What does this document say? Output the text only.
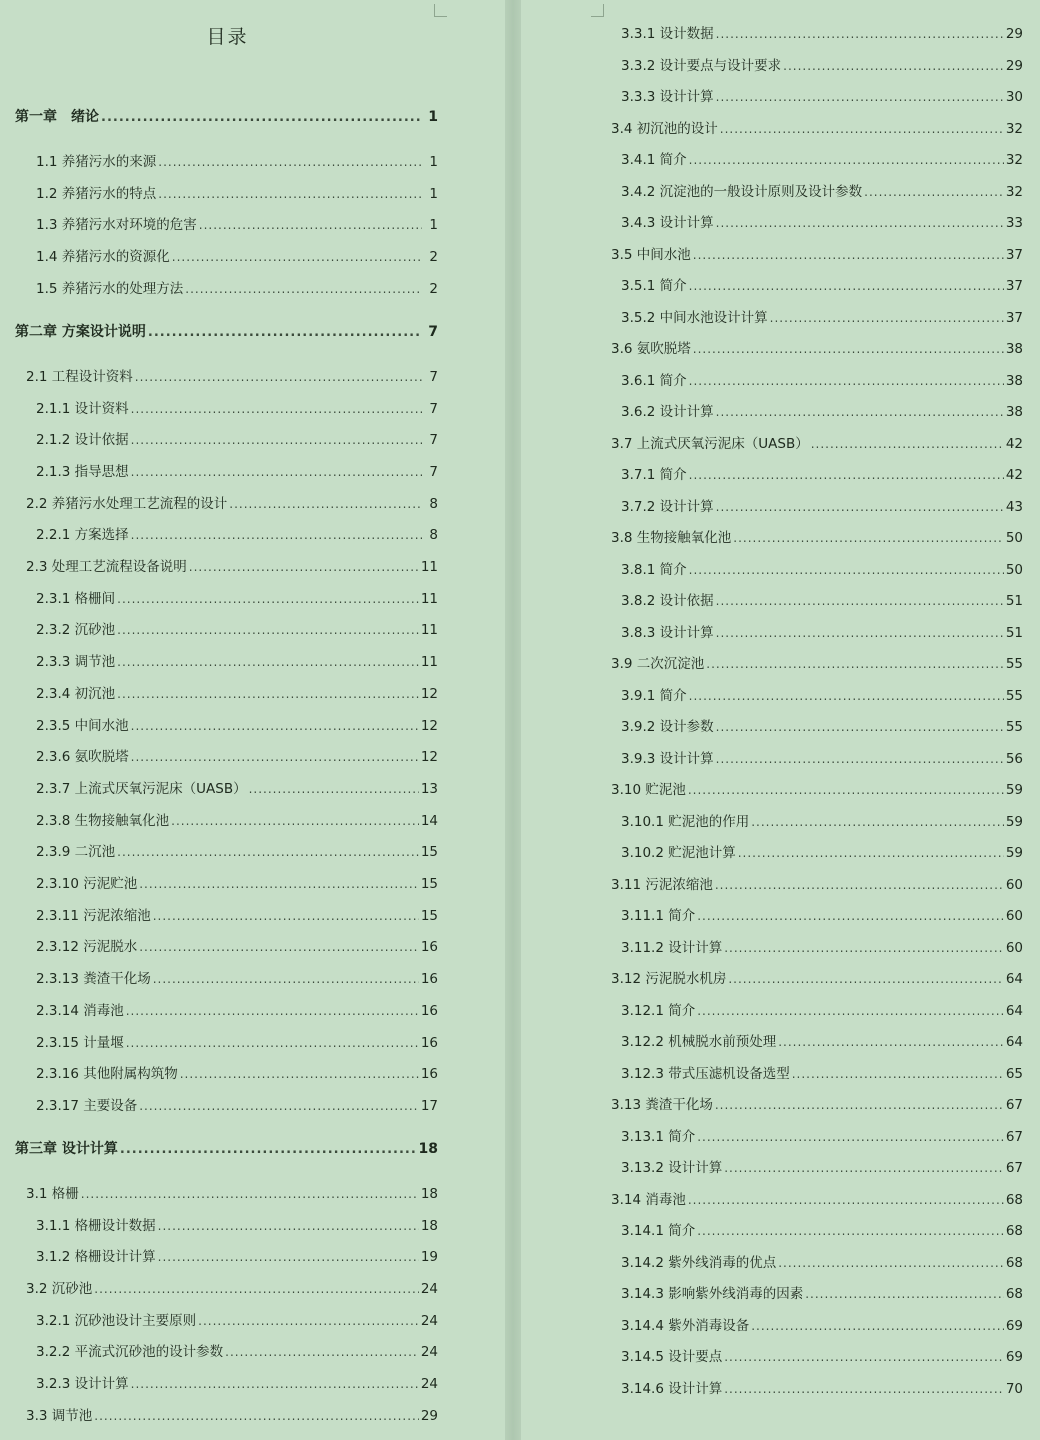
目录
第一章　绪论 .....	1
1.1 养猪污水的来源 .....	1
1.2 养猪污水的特点 .....	1
1.3 养猪污水对环境的危害 .....	1
1.4 养猪污水的资源化 .....	2
1.5 养猪污水的处理方法 .....	2
第二章 方案设计说明 .....	7
2.1 工程设计资料 .....	7
2.1.1 设计资料 .....	7
2.1.2 设计依据 .....	7
2.1.3 指导思想 .....	7
2.2 养猪污水处理工艺流程的设计 .....	8
2.2.1 方案选择 .....	8
2.3 处理工艺流程设备说明 .....	11
2.3.1 格栅间 .....	11
2.3.2 沉砂池 .....	11
2.3.3 调节池 .....	11
2.3.4 初沉池 .....	12
2.3.5 中间水池 .....	12
2.3.6 氨吹脱塔 .....	12
2.3.7 上流式厌氧污泥床（UASB） .....	13
2.3.8 生物接触氧化池 .....	14
2.3.9 二沉池 .....	15
2.3.10 污泥贮池 .....	15
2.3.11 污泥浓缩池 .....	15
2.3.12 污泥脱水 .....	16
2.3.13 粪渣干化场 .....	16
2.3.14 消毒池 .....	16
2.3.15 计量堰 .....	16
2.3.16 其他附属构筑物 .....	16
2.3.17 主要设备 .....	17
第三章 设计计算 .....	18
3.1 格栅 .....	18
3.1.1 格栅设计数据 .....	18
3.1.2 格栅设计计算 .....	19
3.2 沉砂池 .....	24
3.2.1 沉砂池设计主要原则 .....	24
3.2.2 平流式沉砂池的设计参数 .....	24
3.2.3 设计计算 .....	24
3.3 调节池 .....	29
3.3.1 设计数据 .....	29
3.3.2 设计要点与设计要求 .....	29
3.3.3 设计计算 .....	30
3.4 初沉池的设计 .....	32
3.4.1 简介 .....	32
3.4.2 沉淀池的一般设计原则及设计参数 .....	32
3.4.3 设计计算 .....	33
3.5 中间水池 .....	37
3.5.1 简介 .....	37
3.5.2 中间水池设计计算 .....	37
3.6 氨吹脱塔 .....	38
3.6.1 简介 .....	38
3.6.2 设计计算 .....	38
3.7 上流式厌氧污泥床（UASB） .....	42
3.7.1 简介 .....	42
3.7.2 设计计算 .....	43
3.8 生物接触氧化池 .....	50
3.8.1 简介 .....	50
3.8.2 设计依据 .....	51
3.8.3 设计计算 .....	51
3.9 二次沉淀池 .....	55
3.9.1 简介 .....	55
3.9.2 设计参数 .....	55
3.9.3 设计计算 .....	56
3.10 贮泥池 .....	59
3.10.1 贮泥池的作用 .....	59
3.10.2 贮泥池计算 .....	59
3.11 污泥浓缩池 .....	60
3.11.1 简介 .....	60
3.11.2 设计计算 .....	60
3.12 污泥脱水机房 .....	64
3.12.1 简介 .....	64
3.12.2 机械脱水前预处理 .....	64
3.12.3 带式压滤机设备选型 .....	65
3.13 粪渣干化场 .....	67
3.13.1 简介 .....	67
3.13.2 设计计算 .....	67
3.14 消毒池 .....	68
3.14.1 简介 .....	68
3.14.2 紫外线消毒的优点 .....	68
3.14.3 影响紫外线消毒的因素 .....	68
3.14.4 紫外消毒设备 .....	69
3.14.5 设计要点 .....	69
3.14.6 设计计算 .....	70
